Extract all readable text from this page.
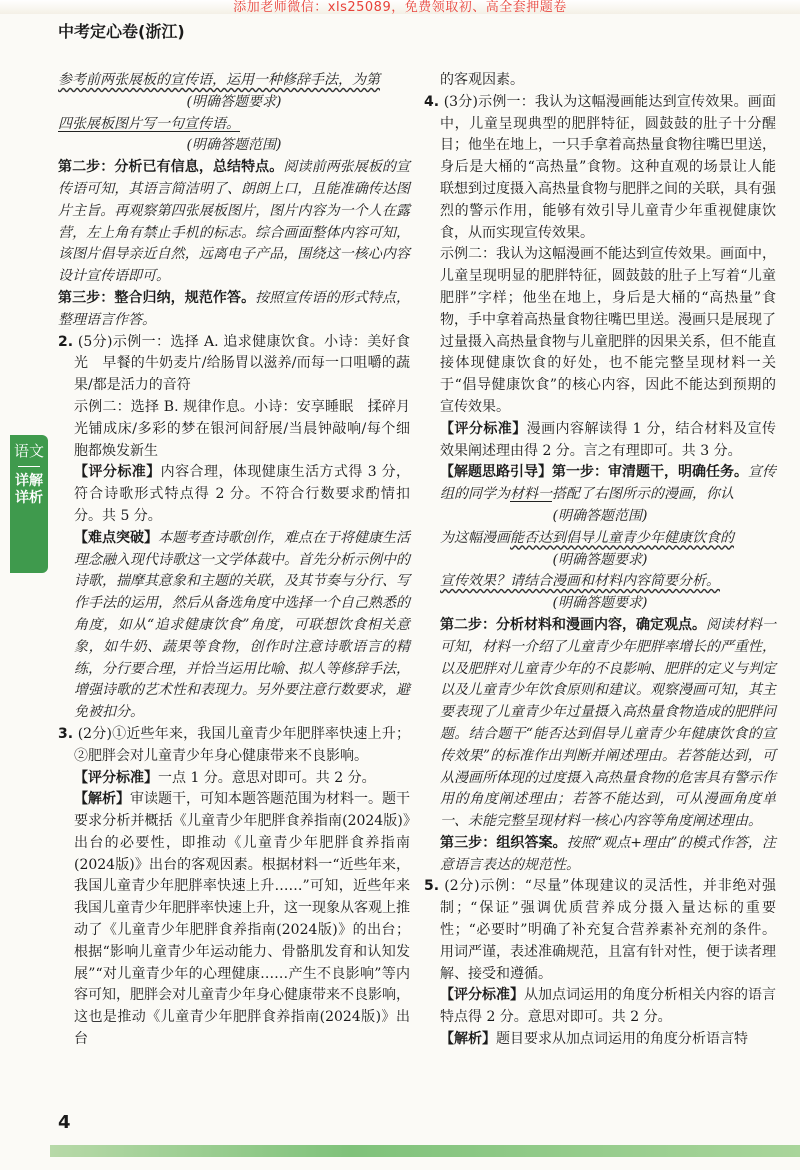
添加老师微信：xls25089，免费领取初、高全套押题卷
中考定心卷(浙江)
语文
详解详析

参考前两张展板的宣传语，运用一种修辞手法，为第

(明确答题要求)

四张展板图片写一句宣传语。

(明确答题范围)

第二步：分析已有信息，总结特点。阅读前两张展板的宣传语可知，其语言简洁明了、朗朗上口，且能准确传达图片主旨。再观察第四张展板图片，图片内容为一个人在露营，左上角有禁止手机的标志。综合画面整体内容可知，该图片倡导亲近自然，远离电子产品，围绕这一核心内容设计宣传语即可。

第三步：整合归纳，规范作答。按照宣传语的形式特点，整理语言作答。

2. (5分)示例一：选择 A. 追求健康饮食。小诗：美好食光　早餐的牛奶麦片/给肠胃以滋养/而每一口咀嚼的蔬果/都是活力的音符

示例二：选择 B. 规律作息。小诗：安享睡眠　揉碎月光铺成床/多彩的梦在银河间舒展/当晨钟敲响/每个细胞都焕发新生

【评分标准】内容合理，体现健康生活方式得 3 分，符合诗歌形式特点得 2 分。不符合行数要求酌情扣分。共 5 分。

【难点突破】本题考查诗歌创作，难点在于将健康生活理念融入现代诗歌这一文学体裁中。首先分析示例中的诗歌，揣摩其意象和主题的关联，及其节奏与分行、写作手法的运用，然后从备选角度中选择一个自己熟悉的角度，如从“追求健康饮食”角度，可联想饮食相关意象，如牛奶、蔬果等食物，创作时注意诗歌语言的精练，分行要合理，并恰当运用比喻、拟人等修辞手法，增强诗歌的艺术性和表现力。另外要注意行数要求，避免被扣分。

3. (2分)①近些年来，我国儿童青少年肥胖率快速上升；②肥胖会对儿童青少年身心健康带来不良影响。

【评分标准】一点 1 分。意思对即可。共 2 分。

【解析】审读题干，可知本题答题范围为材料一。题干要求分析并概括《儿童青少年肥胖食养指南(2024版)》出台的必要性，即推动《儿童青少年肥胖食养指南(2024版)》出台的客观因素。根据材料一“近些年来，我国儿童青少年肥胖率快速上升……”可知，近些年来我国儿童青少年肥胖率快速上升，这一现象从客观上推动了《儿童青少年肥胖食养指南(2024版)》的出台；根据“影响儿童青少年运动能力、骨骼肌发育和认知发展”“对儿童青少年的心理健康……产生不良影响”等内容可知，肥胖会对儿童青少年身心健康带来不良影响，这也是推动《儿童青少年肥胖食养指南(2024版)》出台

的客观因素。

4. (3分)示例一：我认为这幅漫画能达到宣传效果。画面中，儿童呈现典型的肥胖特征，圆鼓鼓的肚子十分醒目；他坐在地上，一只手拿着高热量食物往嘴巴里送，身后是大桶的“高热量”食物。这种直观的场景让人能联想到过度摄入高热量食物与肥胖之间的关联，具有强烈的警示作用，能够有效引导儿童青少年重视健康饮食，从而实现宣传效果。

示例二：我认为这幅漫画不能达到宣传效果。画面中，儿童呈现明显的肥胖特征，圆鼓鼓的肚子上写着“儿童肥胖”字样；他坐在地上，身后是大桶的“高热量”食物，手中拿着高热量食物往嘴巴里送。漫画只是展现了过量摄入高热量食物与儿童肥胖的因果关系，但不能直接体现健康饮食的好处，也不能完整呈现材料一关于“倡导健康饮食”的核心内容，因此不能达到预期的宣传效果。

【评分标准】漫画内容解读得 1 分，结合材料及宣传效果阐述理由得 2 分。言之有理即可。共 3 分。

【解题思路引导】第一步：审清题干，明确任务。宣传组的同学为材料一搭配了右图所示的漫画，你认

(明确答题范围)

为这幅漫画能否达到倡导儿童青少年健康饮食的

(明确答题要求)

宣传效果？请结合漫画和材料内容简要分析。

(明确答题要求)

第二步：分析材料和漫画内容，确定观点。阅读材料一可知，材料一介绍了儿童青少年肥胖率增长的严重性，以及肥胖对儿童青少年的不良影响、肥胖的定义与判定以及儿童青少年饮食原则和建议。观察漫画可知，其主要表现了儿童青少年过量摄入高热量食物造成的肥胖问题。结合题干“能否达到倡导儿童青少年健康饮食的宣传效果”的标准作出判断并阐述理由。若答能达到，可从漫画所体现的过度摄入高热量食物的危害具有警示作用的角度阐述理由；若答不能达到，可从漫画角度单一、未能完整呈现材料一核心内容等角度阐述理由。

第三步：组织答案。按照“观点+理由”的模式作答，注意语言表达的规范性。

5. (2分)示例：“尽量”体现建议的灵活性，并非绝对强制；“保证”强调优质营养成分摄入量达标的重要性；“必要时”明确了补充复合营养素补充剂的条件。用词严谨，表述准确规范，且富有针对性，便于读者理解、接受和遵循。

【评分标准】从加点词运用的角度分析相关内容的语言特点得 2 分。意思对即可。共 2 分。

【解析】题目要求从加点词运用的角度分析语言特

4
